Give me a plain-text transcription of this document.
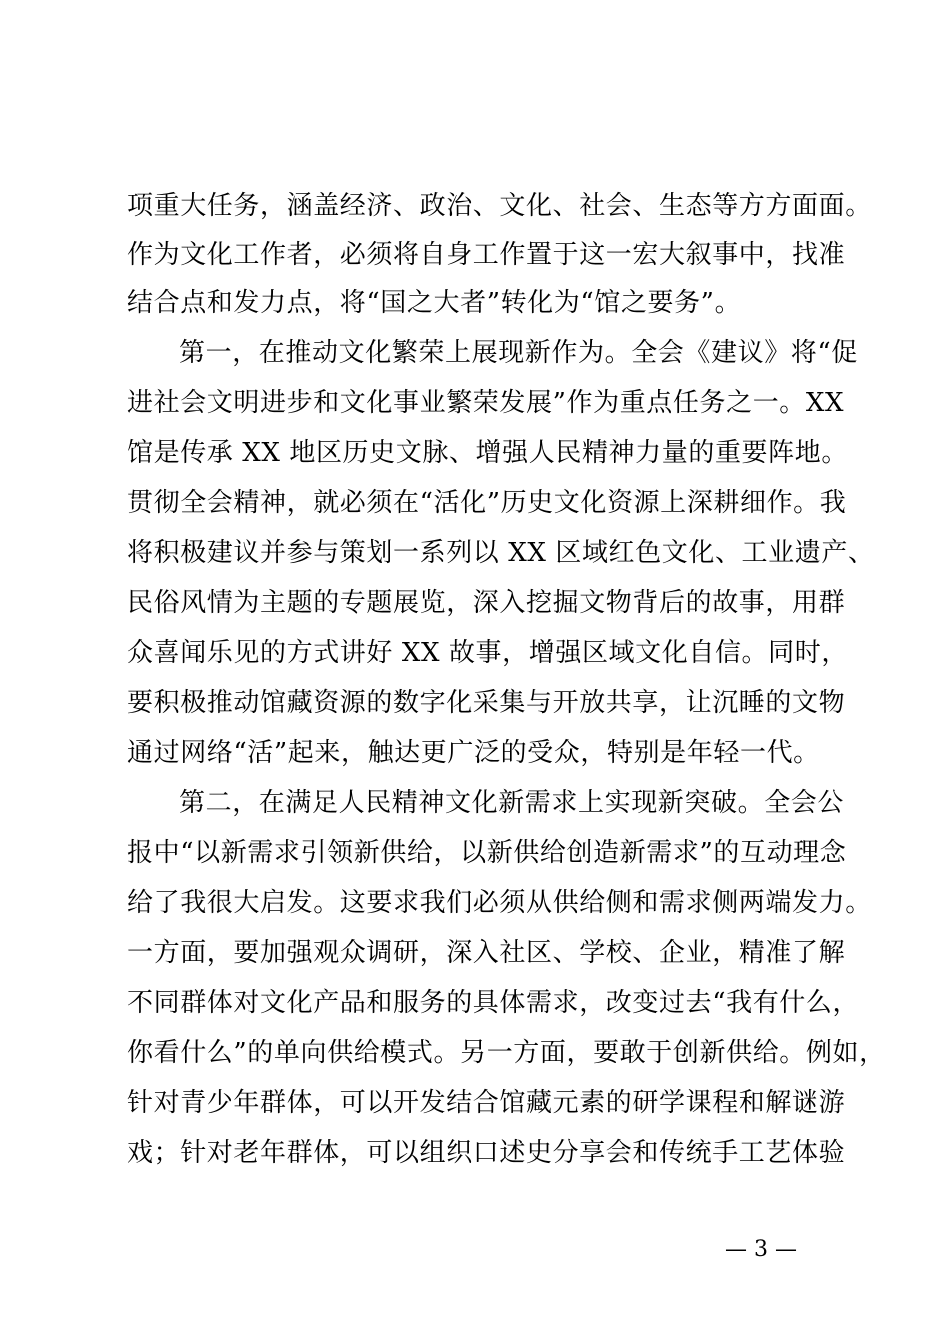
项重大任务，涵盖经济、政治、文化、社会、生态等方方面面。
作为文化工作者，必须将自身工作置于这一宏大叙事中，找准
结合点和发力点，将“国之大者”转化为“馆之要务”。
第一，在推动文化繁荣上展现新作为。全会《建议》将“促
进社会文明进步和文化事业繁荣发展”作为重点任务之一。XX
馆是传承 XX 地区历史文脉、增强人民精神力量的重要阵地。
贯彻全会精神，就必须在“活化”历史文化资源上深耕细作。我
将积极建议并参与策划一系列以 XX 区域红色文化、工业遗产、
民俗风情为主题的专题展览，深入挖掘文物背后的故事，用群
众喜闻乐见的方式讲好 XX 故事，增强区域文化自信。同时，
要积极推动馆藏资源的数字化采集与开放共享，让沉睡的文物
通过网络“活”起来，触达更广泛的受众，特别是年轻一代。
第二，在满足人民精神文化新需求上实现新突破。全会公
报中“以新需求引领新供给，以新供给创造新需求”的互动理念
给了我很大启发。这要求我们必须从供给侧和需求侧两端发力。
一方面，要加强观众调研，深入社区、学校、企业，精准了解
不同群体对文化产品和服务的具体需求，改变过去“我有什么，
你看什么”的单向供给模式。另一方面，要敢于创新供给。例如，
针对青少年群体，可以开发结合馆藏元素的研学课程和解谜游
戏；针对老年群体，可以组织口述史分享会和传统手工艺体验
— 3 —
